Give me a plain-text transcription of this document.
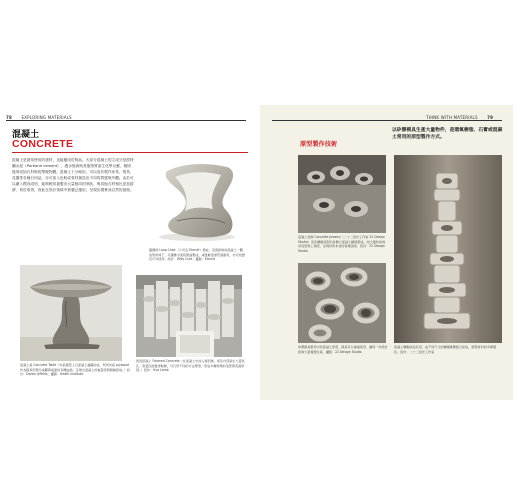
78 EXPLORING MATERIALS
混凝土
CONCRETE
混凝土是最常使用的建材，也能應用於物品。大部分混凝土的主成分是波特蘭水泥（Portland cement），遇水後會與其他物質產生化學反應，凝固後形成如石材般的堅硬物體。混凝土十分耐用，可以用於製作家具、燈具、花器等各種日用品，亦可加入色粉或骨材創造出不同的質感與外觀。由於可以灌入模具成形，能夠輕易複製出大量相同的形狀，與其他石材相比更加經濟、易於取得，因此在設計領域中被廣泛運用，呈現出樸實而自然的風格。
圓圈椅 Loop Chair（公司名 Eternit）製成，這張經典的混凝土一體成形的椅子，以纖維水泥板彎曲製成，重量輕盈卻堅固耐用，亦可放置於戶外使用。設計：Willy Guhl；攝影：Eternit
混凝土桌 Concrete Table（夾板模型上以混凝土灌鑄而成，利用夾板 plywood 作為模具形塑出桌腳與桌面的有機曲線，呈現出混凝土的重量感與粗糙質地。）設計：Daniel Jeffries；攝影：Heath Institute
發泡混凝土 Foamed Concrete（在混凝土中加入發泡劑，使其內部產生大量氣孔，質量因此變得較輕，可以用不同的方法塑形，形成多種特殊的造型與表面質感。）設計：Hyo Lamb
THINK WITH MATERIALS 79
原型製作技術
以矽膠模具生產大量物件，是環氧樹脂、石膏或混凝土常用的原型製作方式。
混凝土首飾 Concrete Jewelry（二十二設計工作室 22 Design Studio）這些螺帽造型的首飾以混凝土翻模製成，結合簡約的幾何造型與工業感，呈現材質本身的質樸美感。設計：22 Design Studio
矽膠模具製作中的混凝土原型，模具可以重複使用，讓同一件設計能夠大量複製生產。攝影：22 Design Studio
混凝土螺帽戒指系列，由不同尺寸的螺帽堆疊組合而成，展現材料的多樣變化。設計：二十二設計工作室
